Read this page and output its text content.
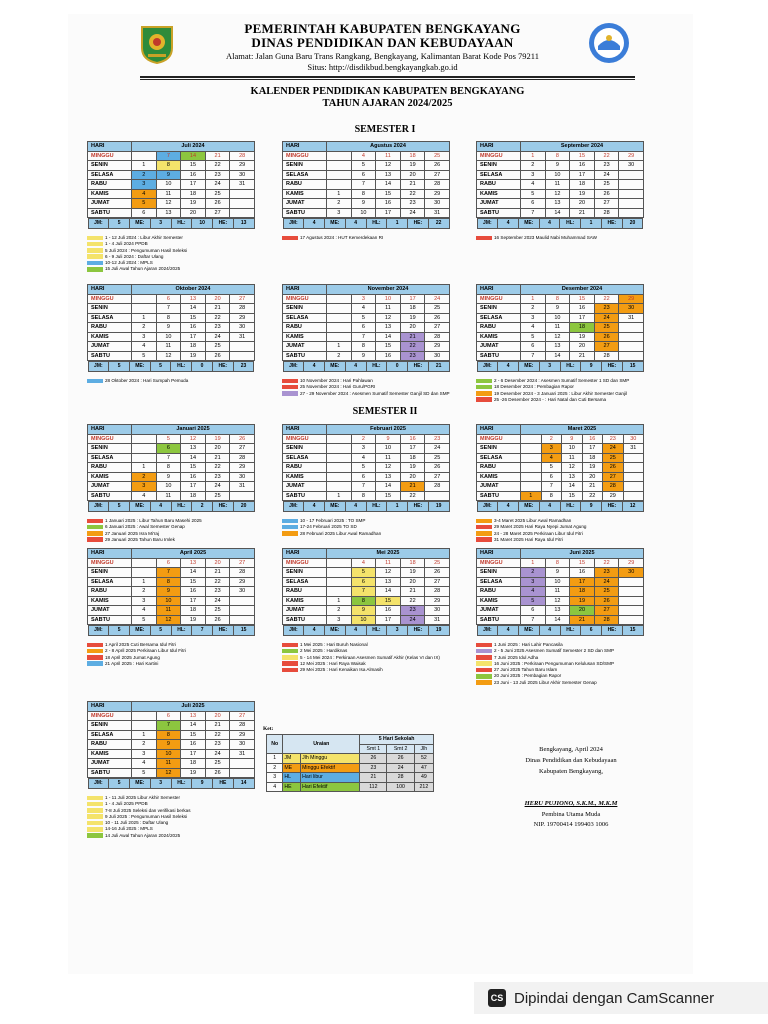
PEMERINTAH KABUPATEN BENGKAYANG
DINAS PENDIDIKAN DAN KEBUDAYAAN
Alamat: Jalan Guna Baru Trans Rangkang, Bengkayang, Kalimantan Barat Kode Pos 79211
Situs: http://disdikbud.bengkayangkab.go.id
KALENDER PENDIDIKAN KABUPATEN BENGKAYANG
TAHUN AJARAN 2024/2025
SEMESTER I
SEMESTER II
HARI	Juli 2024
MINGGU		7	14	21	28
SENIN	1	8	15	22	29
SELASA	2	9	16	23	30
RABU	3	10	17	24	31
KAMIS	4	11	18	25	
JUMAT	5	12	19	26	
SABTU	6	13	20	27	

JM:	5	ME:	3	HL:	10	HE:	13
1 - 12 Juli 2024 : Libur Akhir Semester
1 - 4 Juli 2024 PPDB
5 Juli 2024 : Pengumuman Hasil Seleksi
6 - 9 Juli 2024 : Daftar Ulang
10-12 Juli 2024 : MPLS
15 Juli Awal Tahun Ajaran 2024/2025
HARI	Agustus 2024
MINGGU		4	11	18	25
SENIN		5	12	19	26
SELASA		6	13	20	27
RABU		7	14	21	28
KAMIS	1	8	15	22	29
JUMAT	2	9	16	23	30
SABTU	3	10	17	24	31

JM:	4	ME:	4	HL:	1	HE:	22
17 Agustus 2024 : HUT Kemerdekaan RI
HARI	September 2024
MINGGU	1	8	15	22	29
SENIN	2	9	16	23	30
SELASA	3	10	17	24	
RABU	4	11	18	25	
KAMIS	5	12	19	26	
JUMAT	6	13	20	27	
SABTU	7	14	21	28	

JM:	4	ME:	4	HL:	1	HE:	20
16 September 2023 Maulid Nabi Muhammad SAW
HARI	Oktober 2024
MINGGU		6	13	20	27
SENIN		7	14	21	28
SELASA	1	8	15	22	29
RABU	2	9	16	23	30
KAMIS	3	10	17	24	31
JUMAT	4	11	18	25	
SABTU	5	12	19	26	

JM:	5	ME:	5	HL:	0	HE:	23
28 Oktober 2024 : Hari Sumpah Pemuda
HARI	November 2024
MINGGU		3	10	17	24
SENIN		4	11	18	25
SELASA		5	12	19	26
RABU		6	13	20	27
KAMIS		7	14	21	28
JUMAT	1	8	15	22	29
SABTU	2	9	16	23	30

JM:	4	ME:	4	HL:	0	HE:	21
10 November 2024 : Hari Pahlawan
25 November 2024 : Hari Guru/PGRI
27 - 29 November 2024 : Asesmen Sumatif Semester Ganjil SD dan SMP
HARI	Desember 2024
MINGGU	1	8	15	22	29
SENIN	2	9	16	23	30
SELASA	3	10	17	24	31
RABU	4	11	18	25	
KAMIS	5	12	19	26	
JUMAT	6	13	20	27	
SABTU	7	14	21	28	

JM:	4	ME:	3	HL:	9	HE:	15
2 - 6 Desember 2024 : Asesmen Sumatif Semester 1 SD dan SMP
18 Desember 2024 : Pembagian Rapor
19 Desember 2024 - 3 Januari 2025 : Libur Akhir Semester Ganjil
25 -26 Desember 2024 - : Hari Natal dan Cuti Bersama
HARI	Januari 2025
MINGGU		5	12	19	26
SENIN		6	13	20	27
SELASA		7	14	21	28
RABU	1	8	15	22	29
KAMIS	2	9	16	23	30
JUMAT	3	10	17	24	31
SABTU	4	11	18	25	

JM:	5	ME:	4	HL:	2	HE:	20
1 Januari 2025 : Libur Tahun Baru Masehi 2025
6 Januari 2025 : Awal Semester Genap
27 Januari 2025 Isra Mi'raj
29 Januari 2025 Tahun Baru Imlek
HARI	Februari 2025
MINGGU		2	9	16	23
SENIN		3	10	17	24
SELASA		4	11	18	25
RABU		5	12	19	26
KAMIS		6	13	20	27
JUMAT		7	14	21	28
SABTU	1	8	15	22	

JM:	4	ME:	4	HL:	1	HE:	19
10 - 17 Februari 2025 : TO SMP
17-24 Februari 2025 TO SD
28 Februari 2025 Libur Awal Ramadhan
HARI	Maret 2025
MINGGU		2	9	16	23	30
SENIN		3	10	17	24	31
SELASA		4	11	18	25	
RABU		5	12	19	26	
KAMIS		6	13	20	27	
JUMAT		7	14	21	28	
SABTU	1	8	15	22	29	

JM:	4	ME:	4	HL:	9	HE:	12
3-4 Maret 2025 Libur Awal Ramadhan
29 Maret 2025 Hari Raya Nyepi Jumat Agung
24 - 28 Maret 2025 Perkiraan Libur Idul Fitri
31 Maret 2025 Hari Raya Idul Fitri
HARI	April 2025
MINGGU		6	13	20	27
SENIN		7	14	21	28
SELASA	1	8	15	22	29
RABU	2	9	16	23	30
KAMIS	3	10	17	24	
JUMAT	4	11	18	25	
SABTU	5	12	19	26	

JM:	5	ME:	5	HL:	7	HE:	15
1 April 2025 Cuti Bersama Idul Fitri
2 - 8 April 2025 Perkiraan Libur Idul Fitri
18 April 2025 Jumat Agung
21 April 2025 : Hari Kartini
HARI	Mei 2025
MINGGU		4	11	18	25
SENIN		5	12	19	26
SELASA		6	13	20	27
RABU		7	14	21	28
KAMIS	1	8	15	22	29
JUMAT	2	9	16	23	30
SABTU	3	10	17	24	31

JM:	4	ME:	4	HL:	3	HE:	19
1 Mei 2025 : Hari Buruh Nasional
2 Mei 2025 : Hardiknas
5 - 14 Mei 2024 : Perkiraan Asesmen Sumatif Akhir (Kelas VI dan IX)
12 Mei 2025 : Hari Raya Waisak
29 Mei 2025 : Hari Kenaikan Isa Almasih
HARI	Juni 2025
MINGGU	1	8	15	22	29
SENIN	2	9	16	23	30
SELASA	3	10	17	24	
RABU	4	11	18	25	
KAMIS	5	12	19	26	
JUMAT	6	13	20	27	
SABTU	7	14	21	28	

JM:	4	ME:	4	HL:	6	HE:	15
1 Juni 2025 : Hari Lahir Pancasila
2 - 5 Juni 2025 Asesmen Sumatif Semester 2 SD dan SMP
7 Juni 2025 Idul Adha
16 Juni 2025 : Perkiraan Pengumuman Kelulusan SD/SMP
27 Juni 2025 Tahun Baru Islam
20 Juni 2025 : Pembagian Rapor
23 Juni - 13 Juli 2025 Libur Akhir Semester Genap
HARI	Juli 2025
MINGGU		6	13	20	27
SENIN		7	14	21	28
SELASA	1	8	15	22	29
RABU	2	9	16	23	30
KAMIS	3	10	17	24	31
JUMAT	4	11	18	25	
SABTU	5	12	19	26	

JM:	5	ME:	3	HL:	9	HE	14
1 - 11 Juli 2025 Libur Akhir Semester
1 - 4 Juli 2025 PPDB
7-8 Juli 2025 Seleksi dan verifikasi berkas
9 Juli 2025 : Pengumuman Hasil Seleksi
10 - 11 Juli 2025 : Daftar Ulang
14-16 Juli 2025 : MPLS
14 Juli Awal Tahun Ajaran 2024/2025
Ket:
No	Uraian		5 Hari Sekolah		
			Smt 1	Smt 2	Jlh
1	JM	Jlh Minggu	26	26	52
2	ME	Minggu Efektif	23	24	47
3	HL	Hari libur	21	28	49
4	HE	Hari Efektif	112	100	212
Bengkayang, April 2024
Dinas Pendidikan dan Kebudayaan
Kabupaten Bengkayang,
HERU PUJIONO, S.K.M., M.K.M
Pembina Utama Muda
NIP. 19700414 199403 1006
CS Dipindai dengan CamScanner
